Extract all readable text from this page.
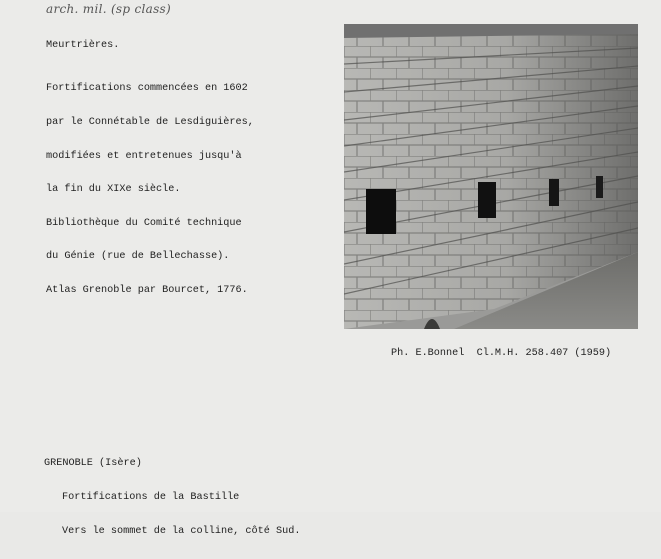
arch. mil. (sp class)
Meurtrières.

Fortifications commencées en 1602

par le Connétable de Lesdiguières,

modifiées et entretenues jusqu'à

la fin du XIXe siècle.

Bibliothèque du Comité technique

du Génie (rue de Bellechasse).

Atlas Grenoble par Bourcet, 1776.

Ph. E.Bonnel  Cl.M.H. 258.407 (1959)

GRENOBLE (Isère)

Fortifications de la Bastille

Vers le sommet de la colline, côté Sud.
